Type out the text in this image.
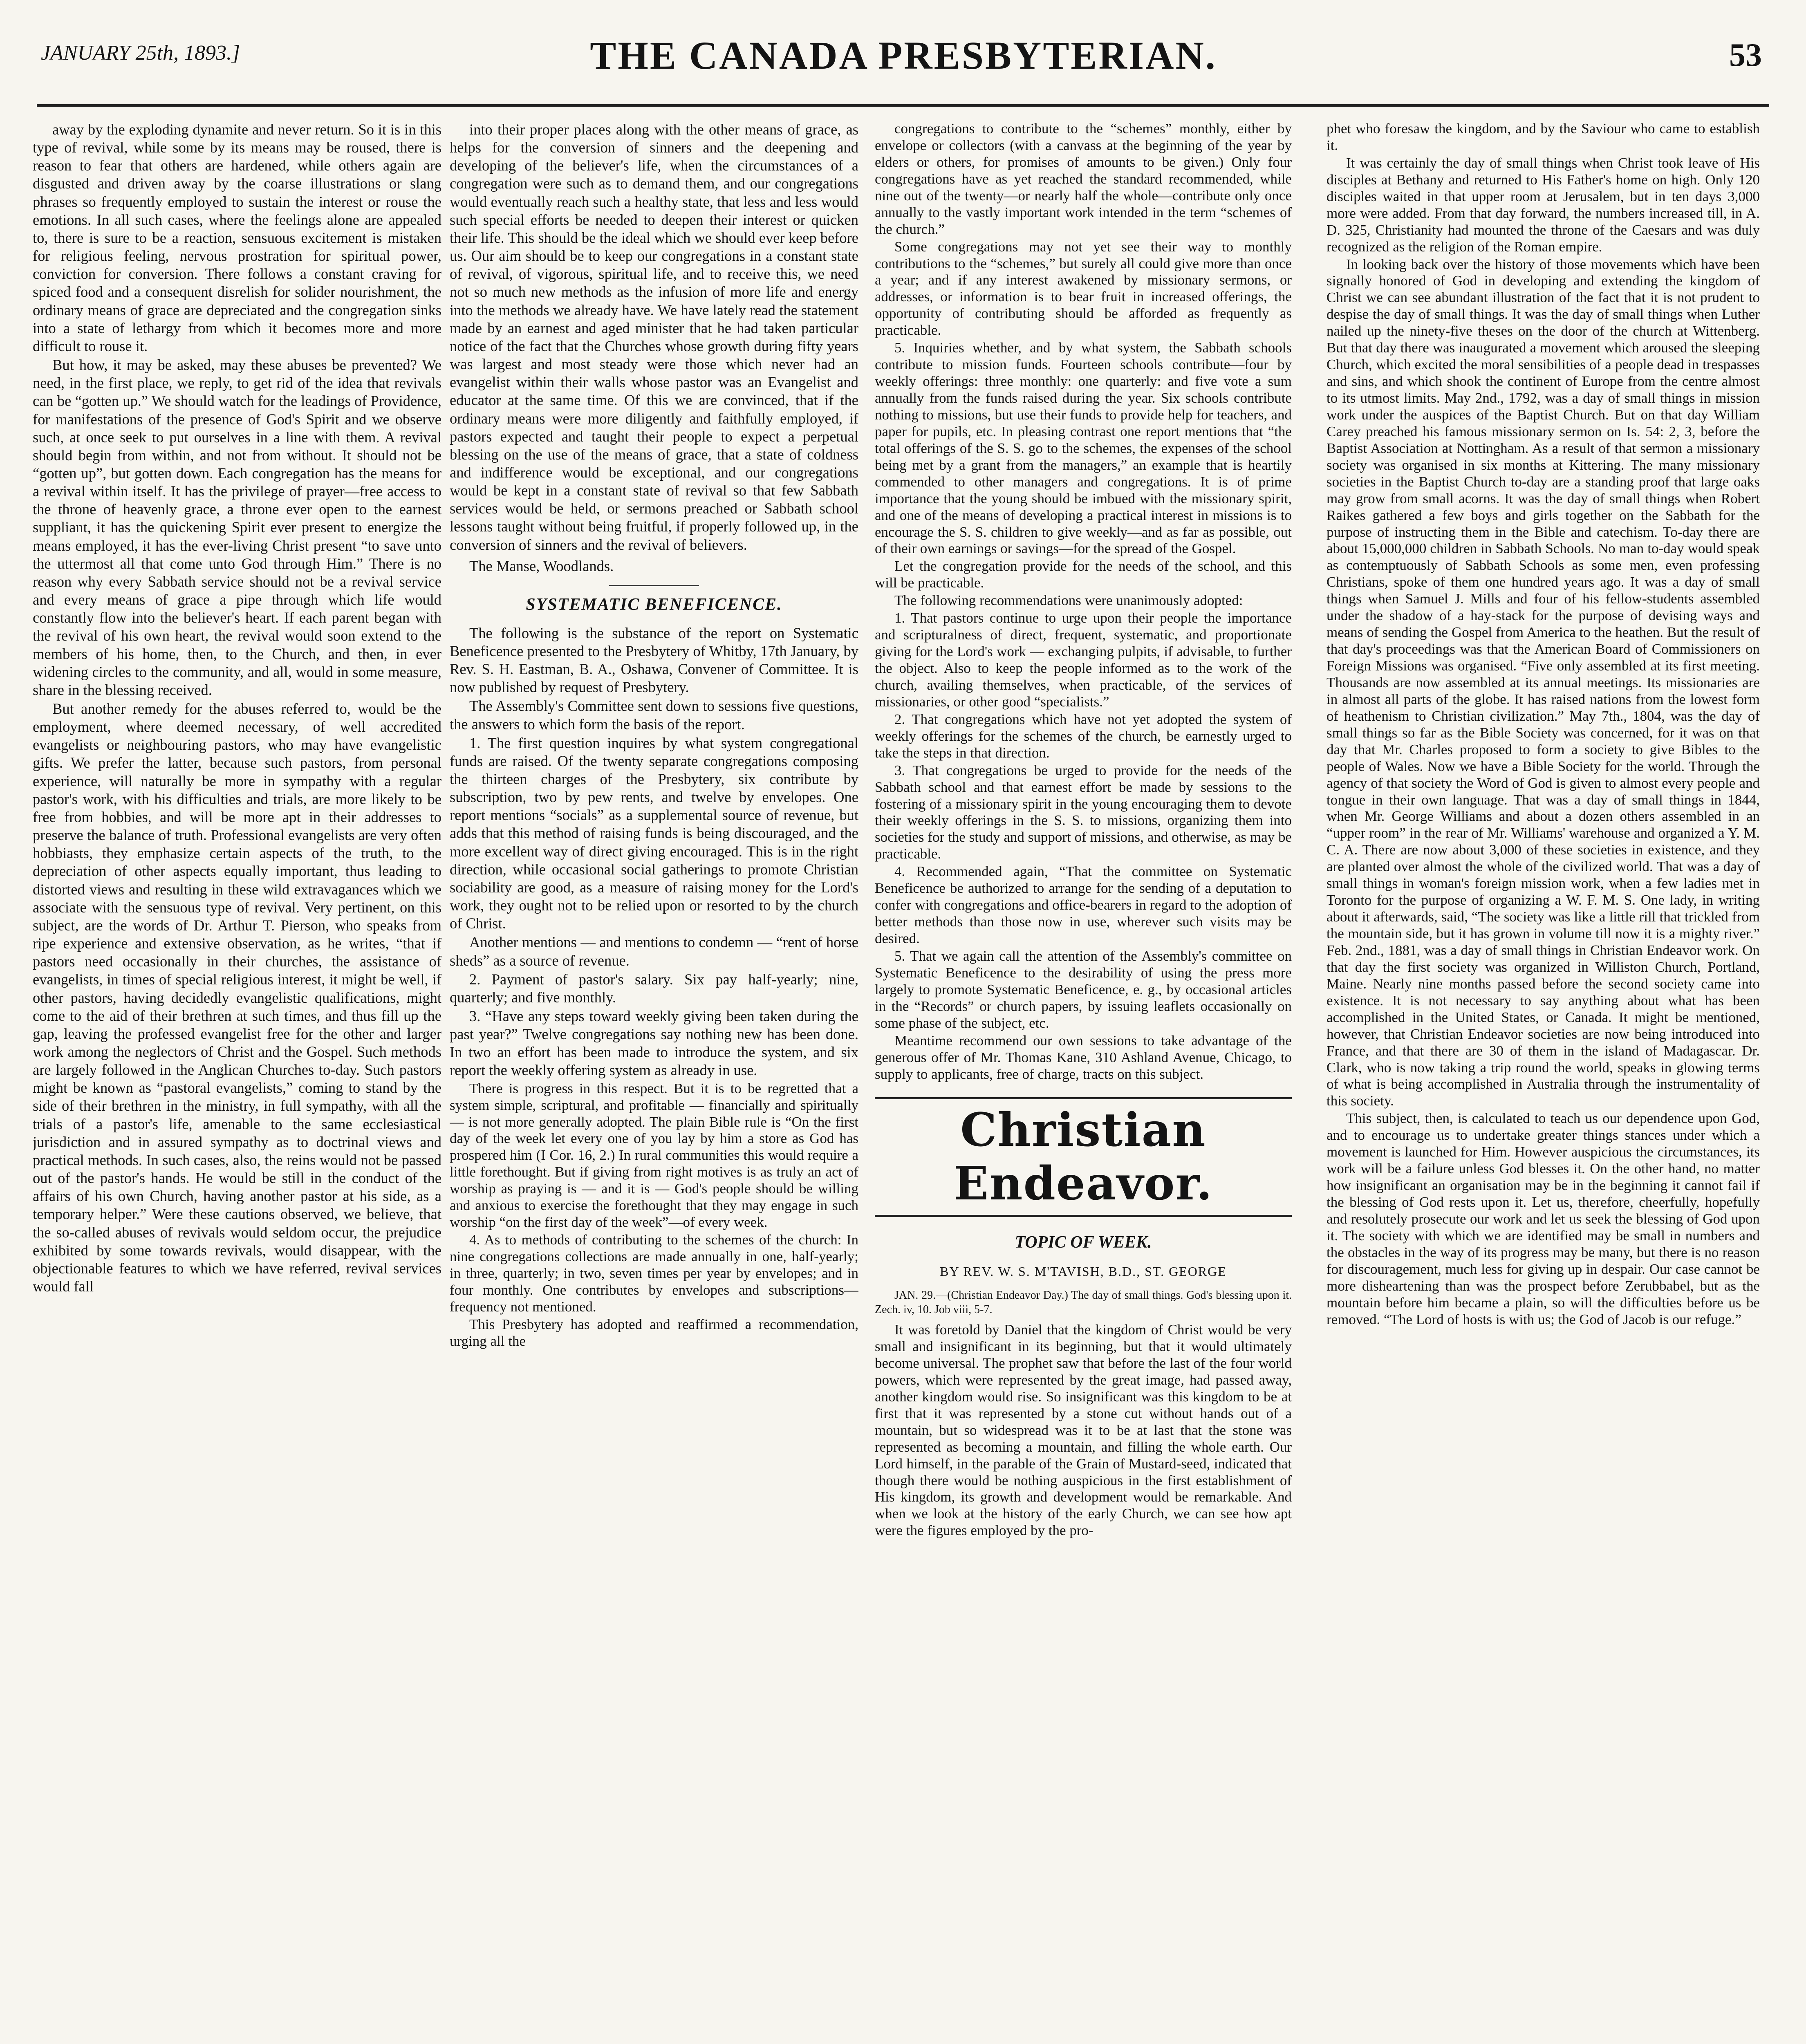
JANUARY 25th, 1893.]	THE CANADA PRESBYTERIAN.	53

away by the exploding dynamite and never return. So it is in this type of revival, while some by its means may be roused, there is reason to fear that others are hardened, while others again are disgusted and driven away by the coarse illustrations or slang phrases so frequently employed to sustain the interest or rouse the emotions. In all such cases, where the feelings alone are appealed to, there is sure to be a reaction, sensuous excitement is mistaken for religious feeling, nervous prostration for spiritual power, conviction for conversion. There follows a constant craving for spiced food and a consequent disrelish for solider nourishment, the ordinary means of grace are depreciated and the congregation sinks into a state of lethargy from which it becomes more and more difficult to rouse it.

But how, it may be asked, may these abuses be prevented? We need, in the first place, we reply, to get rid of the idea that revivals can be “gotten up.” We should watch for the leadings of Providence, for manifestations of the presence of God's Spirit and we observe such, at once seek to put ourselves in a line with them. A revival should begin from within, and not from without. It should not be “gotten up”, but gotten down. Each congregation has the means for a revival within itself. It has the privilege of prayer—free access to the throne of heavenly grace, a throne ever open to the earnest suppliant, it has the quickening Spirit ever present to energize the means employed, it has the ever-living Christ present “to save unto the uttermost all that come unto God through Him.” There is no reason why every Sabbath service should not be a revival service and every means of grace a pipe through which life would constantly flow into the believer's heart. If each parent began with the revival of his own heart, the revival would soon extend to the members of his home, then, to the Church, and then, in ever widening circles to the community, and all, would in some measure, share in the blessing received.

But another remedy for the abuses referred to, would be the employment, where deemed necessary, of well accredited evangelists or neighbouring pastors, who may have evangelistic gifts. We prefer the latter, because such pastors, from personal experience, will naturally be more in sympathy with a regular pastor's work, with his difficulties and trials, are more likely to be free from hobbies, and will be more apt in their addresses to preserve the balance of truth. Professional evangelists are very often hobbiasts, they emphasize certain aspects of the truth, to the depreciation of other aspects equally important, thus leading to distorted views and resulting in these wild extravagances which we associate with the sensuous type of revival. Very pertinent, on this subject, are the words of Dr. Arthur T. Pierson, who speaks from ripe experience and extensive observation, as he writes, “that if pastors need occasionally in their churches, the assistance of evangelists, in times of special religious interest, it might be well, if other pastors, having decidedly evangelistic qualifications, might come to the aid of their brethren at such times, and thus fill up the gap, leaving the professed evangelist free for the other and larger work among the neglectors of Christ and the Gospel. Such methods are largely followed in the Anglican Churches to-day. Such pastors might be known as “pastoral evangelists,” coming to stand by the side of their brethren in the ministry, in full sympathy, with all the trials of a pastor's life, amenable to the same ecclesiastical jurisdiction and in assured sympathy as to doctrinal views and practical methods. In such cases, also, the reins would not be passed out of the pastor's hands. He would be still in the conduct of the affairs of his own Church, having another pastor at his side, as a temporary helper.” Were these cautions observed, we believe, that the so-called abuses of revivals would seldom occur, the prejudice exhibited by some towards revivals, would disappear, with the objectionable features to which we have referred, revival services would fall

into their proper places along with the other means of grace, as helps for the conversion of sinners and the deepening and developing of the believer's life, when the circumstances of a congregation were such as to demand them, and our congregations would eventually reach such a healthy state, that less and less would such special efforts be needed to deepen their interest or quicken their life. This should be the ideal which we should ever keep before us. Our aim should be to keep our congregations in a constant state of revival, of vigorous, spiritual life, and to receive this, we need not so much new methods as the infusion of more life and energy into the methods we already have. We have lately read the statement made by an earnest and aged minister that he had taken particular notice of the fact that the Churches whose growth during fifty years was largest and most steady were those which never had an evangelist within their walls whose pastor was an Evangelist and educator at the same time. Of this we are convinced, that if the ordinary means were more diligently and faithfully employed, if pastors expected and taught their people to expect a perpetual blessing on the use of the means of grace, that a state of coldness and indifference would be exceptional, and our congregations would be kept in a constant state of revival so that few Sabbath services would be held, or sermons preached or Sabbath school lessons taught without being fruitful, if properly followed up, in the conversion of sinners and the revival of believers.

The Manse, Woodlands.

SYSTEMATIC BENEFICENCE.

The following is the substance of the report on Systematic Beneficence presented to the Presbytery of Whitby, 17th January, by Rev. S. H. Eastman, B. A., Oshawa, Convener of Committee. It is now published by request of Presbytery.

The Assembly's Committee sent down to sessions five questions, the answers to which form the basis of the report.

1. The first question inquires by what system congregational funds are raised. Of the twenty separate congregations composing the thirteen charges of the Presbytery, six contribute by subscription, two by pew rents, and twelve by envelopes. One report mentions “socials” as a supplemental source of revenue, but adds that this method of raising funds is being discouraged, and the more excellent way of direct giving encouraged. This is in the right direction, while occasional social gatherings to promote Christian sociability are good, as a measure of raising money for the Lord's work, they ought not to be relied upon or resorted to by the church of Christ.

Another mentions — and mentions to condemn — “rent of horse sheds” as a source of revenue.

2. Payment of pastor's salary. Six pay half-yearly; nine, quarterly; and five monthly.

3. “Have any steps toward weekly giving been taken during the past year?” Twelve congregations say nothing new has been done. In two an effort has been made to introduce the system, and six report the weekly offering system as already in use.

There is progress in this respect. But it is to be regretted that a system simple, scriptural, and profitable — financially and spiritually — is not more generally adopted. The plain Bible rule is “On the first day of the week let every one of you lay by him a store as God has prospered him (I Cor. 16, 2.) In rural communities this would require a little forethought. But if giving from right motives is as truly an act of worship as praying is — and it is — God's people should be willing and anxious to exercise the forethought that they may engage in such worship “on the first day of the week”—of every week.

4. As to methods of contributing to the schemes of the church: In nine congregations collections are made annually in one, half-yearly; in three, quarterly; in two, seven times per year by envelopes; and in four monthly. One contributes by envelopes and subscriptions—frequency not mentioned.

This Presbytery has adopted and reaffirmed a recommendation, urging all the

congregations to contribute to the “schemes” monthly, either by envelope or collectors (with a canvass at the beginning of the year by elders or others, for promises of amounts to be given.) Only four congregations have as yet reached the standard recommended, while nine out of the twenty—or nearly half the whole—contribute only once annually to the vastly important work intended in the term “schemes of the church.”

Some congregations may not yet see their way to monthly contributions to the “schemes,” but surely all could give more than once a year; and if any interest awakened by missionary sermons, or addresses, or information is to bear fruit in increased offerings, the opportunity of contributing should be afforded as frequently as practicable.

5. Inquiries whether, and by what system, the Sabbath schools contribute to mission funds. Fourteen schools contribute—four by weekly offerings: three monthly: one quarterly: and five vote a sum annually from the funds raised during the year. Six schools contribute nothing to missions, but use their funds to provide help for teachers, and paper for pupils, etc. In pleasing contrast one report mentions that “the total offerings of the S. S. go to the schemes, the expenses of the school being met by a grant from the managers,” an example that is heartily commended to other managers and congregations. It is of prime importance that the young should be imbued with the missionary spirit, and one of the means of developing a practical interest in missions is to encourage the S. S. children to give weekly—and as far as possible, out of their own earnings or savings—for the spread of the Gospel.

Let the congregation provide for the needs of the school, and this will be practicable.

The following recommendations were unanimously adopted:

1. That pastors continue to urge upon their people the importance and scripturalness of direct, frequent, systematic, and proportionate giving for the Lord's work — exchanging pulpits, if advisable, to further the object. Also to keep the people informed as to the work of the church, availing themselves, when practicable, of the services of missionaries, or other good “specialists.”

2. That congregations which have not yet adopted the system of weekly offerings for the schemes of the church, be earnestly urged to take the steps in that direction.

3. That congregations be urged to provide for the needs of the Sabbath school and that earnest effort be made by sessions to the fostering of a missionary spirit in the young encouraging them to devote their weekly offerings in the S. S. to missions, organizing them into societies for the study and support of missions, and otherwise, as may be practicable.

4. Recommended again, “That the committee on Systematic Beneficence be authorized to arrange for the sending of a deputation to confer with congregations and office-bearers in regard to the adoption of better methods than those now in use, wherever such visits may be desired.

5. That we again call the attention of the Assembly's committee on Systematic Beneficence to the desirability of using the press more largely to promote Systematic Beneficence, e. g., by occasional articles in the “Records” or church papers, by issuing leaflets occasionally on some phase of the subject, etc.

Meantime recommend our own sessions to take advantage of the generous offer of Mr. Thomas Kane, 310 Ashland Avenue, Chicago, to supply to applicants, free of charge, tracts on this subject.

Christian Endeavor.
TOPIC OF WEEK.
BY REV. W. S. M'TAVISH, B.D., ST. GEORGE

JAN. 29.—(Christian Endeavor Day.) The day of small things. God's blessing upon it. Zech. iv, 10. Job viii, 5-7.

It was foretold by Daniel that the kingdom of Christ would be very small and insignificant in its beginning, but that it would ultimately become universal. The prophet saw that before the last of the four world powers, which were represented by the great image, had passed away, another kingdom would rise. So insignificant was this kingdom to be at first that it was represented by a stone cut without hands out of a mountain, but so widespread was it to be at last that the stone was represented as becoming a mountain, and filling the whole earth. Our Lord himself, in the parable of the Grain of Mustard-seed, indicated that though there would be nothing auspicious in the first establishment of His kingdom, its growth and development would be remarkable. And when we look at the history of the early Church, we can see how apt were the figures employed by the pro-

phet who foresaw the kingdom, and by the Saviour who came to establish it.

It was certainly the day of small things when Christ took leave of His disciples at Bethany and returned to His Father's home on high. Only 120 disciples waited in that upper room at Jerusalem, but in ten days 3,000 more were added. From that day forward, the numbers increased till, in A. D. 325, Christianity had mounted the throne of the Caesars and was duly recognized as the religion of the Roman empire.

In looking back over the history of those movements which have been signally honored of God in developing and extending the kingdom of Christ we can see abundant illustration of the fact that it is not prudent to despise the day of small things. It was the day of small things when Luther nailed up the ninety-five theses on the door of the church at Wittenberg. But that day there was inaugurated a movement which aroused the sleeping Church, which excited the moral sensibilities of a people dead in trespasses and sins, and which shook the continent of Europe from the centre almost to its utmost limits. May 2nd., 1792, was a day of small things in mission work under the auspices of the Baptist Church. But on that day William Carey preached his famous missionary sermon on Is. 54: 2, 3, before the Baptist Association at Nottingham. As a result of that sermon a missionary society was organised in six months at Kittering. The many missionary societies in the Baptist Church to-day are a standing proof that large oaks may grow from small acorns. It was the day of small things when Robert Raikes gathered a few boys and girls together on the Sabbath for the purpose of instructing them in the Bible and catechism. To-day there are about 15,000,000 children in Sabbath Schools. No man to-day would speak as contemptuously of Sabbath Schools as some men, even professing Christians, spoke of them one hundred years ago. It was a day of small things when Samuel J. Mills and four of his fellow-students assembled under the shadow of a hay-stack for the purpose of devising ways and means of sending the Gospel from America to the heathen. But the result of that day's proceedings was that the American Board of Commissioners on Foreign Missions was organised. “Five only assembled at its first meeting. Thousands are now assembled at its annual meetings. Its missionaries are in almost all parts of the globe. It has raised nations from the lowest form of heathenism to Christian civilization.” May 7th., 1804, was the day of small things so far as the Bible Society was concerned, for it was on that day that Mr. Charles proposed to form a society to give Bibles to the people of Wales. Now we have a Bible Society for the world. Through the agency of that society the Word of God is given to almost every people and tongue in their own language. That was a day of small things in 1844, when Mr. George Williams and about a dozen others assembled in an “upper room” in the rear of Mr. Williams' warehouse and organized a Y. M. C. A. There are now about 3,000 of these societies in existence, and they are planted over almost the whole of the civilized world. That was a day of small things in woman's foreign mission work, when a few ladies met in Toronto for the purpose of organizing a W. F. M. S. One lady, in writing about it afterwards, said, “The society was like a little rill that trickled from the mountain side, but it has grown in volume till now it is a mighty river.” Feb. 2nd., 1881, was a day of small things in Christian Endeavor work. On that day the first society was organized in Williston Church, Portland, Maine. Nearly nine months passed before the second society came into existence. It is not necessary to say anything about what has been accomplished in the United States, or Canada. It might be mentioned, however, that Christian Endeavor societies are now being introduced into France, and that there are 30 of them in the island of Madagascar. Dr. Clark, who is now taking a trip round the world, speaks in glowing terms of what is being accomplished in Australia through the instrumentality of this society.

This subject, then, is calculated to teach us our dependence upon God, and to encourage us to undertake greater things stances under which a movement is launched for Him. However auspicious the circumstances, its work will be a failure unless God blesses it. On the other hand, no matter how insignificant an organisation may be in the beginning it cannot fail if the blessing of God rests upon it. Let us, therefore, cheerfully, hopefully and resolutely prosecute our work and let us seek the blessing of God upon it. The society with which we are identified may be small in numbers and the obstacles in the way of its progress may be many, but there is no reason for discouragement, much less for giving up in despair. Our case cannot be more disheartening than was the prospect before Zerubbabel, but as the mountain before him became a plain, so will the difficulties before us be removed. “The Lord of hosts is with us; the God of Jacob is our refuge.”
